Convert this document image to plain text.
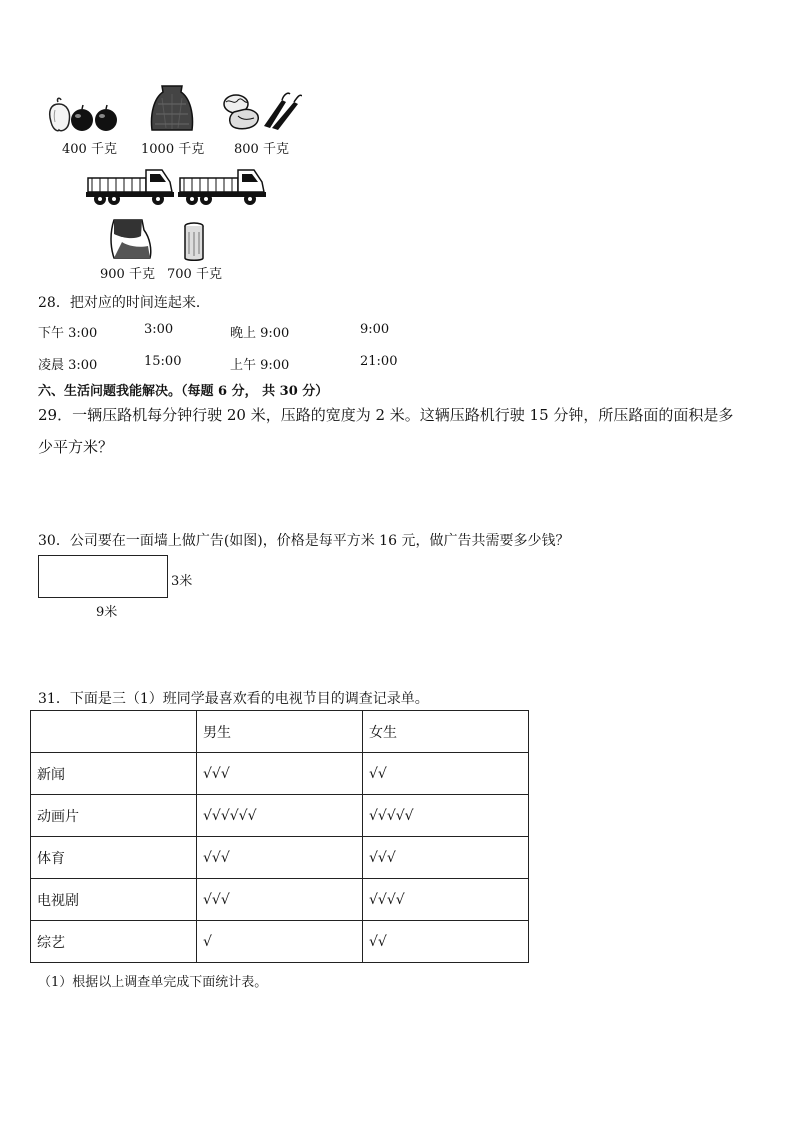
400 千克 1000 千克 800 千克
900 千克 700 千克
28．把对应的时间连起来．
下午 3:00	3:00	晚上 9:00	9:00
凌晨 3:00	15:00	上午 9:00	21:00
六、生活问题我能解决。（每题 6 分， 共 30 分）
29．一辆压路机每分钟行驶 20 米，压路的宽度为 2 米。这辆压路机行驶 15 分钟，所压路面的面积是多
少平方米？
30．公司要在一面墙上做广告(如图)，价格是每平方米 16 元，做广告共需要多少钱？
3米
9米
31．下面是三（1）班同学最喜欢看的电视节目的调查记录单。
	男生	女生
新闻	√√√	√√
动画片	√√√√√√	√√√√√
体育	√√√	√√√
电视剧	√√√	√√√√
综艺	√	√√
（1）根据以上调查单完成下面统计表。
